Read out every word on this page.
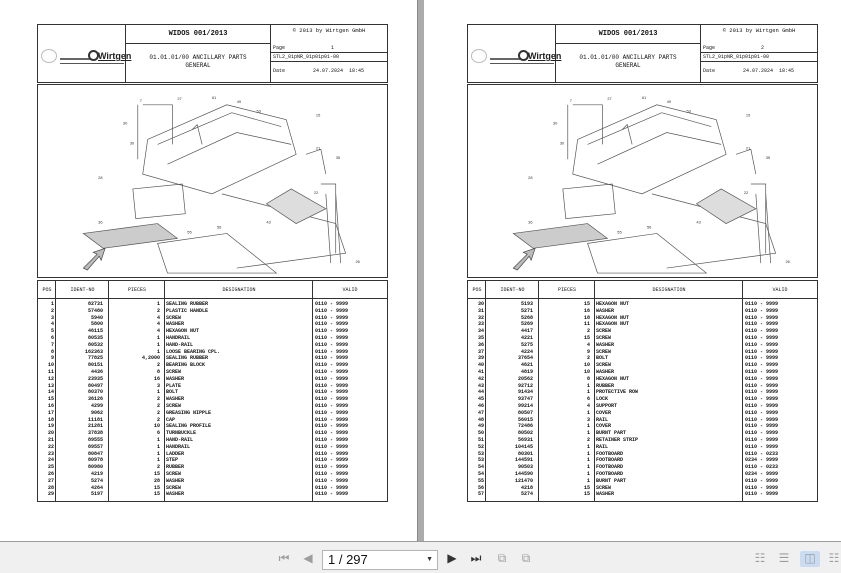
Wirtgen
WIDOS 001/2013	© 2013 by Wirtgen GmbH
01.01.01/00 ANCILLARY PARTS
GENERAL
Page	1
STL2_01pNR_01p01p01-00
Date	24.07.2024 18:45
7	27	61
49
53
15
30
30
28
21
35
22
36	43
26
55
56
POS	IDENT-NO	PIECES	DESIGNATION	VALID
1	82731	1 SEALING RUBBER	0110 - 9999
2	57480	2 PLASTIC HANDLE	0110 - 9999
3	5940	4 SCREW	0110 - 9999
4	5800	4 WASHER	0110 - 9999
5	46115	4 HEXAGON NUT	0110 - 9999
6	80535	1 HANDRAIL	0110 - 9999
7	80532	1 HAND-RAIL	0110 - 9999
8	162363	1 LOOSE BEARING CPL.	0110 - 9999
9	77825	4,2000 SEALING RUBBER	0110 - 9999
10	80151	2 BEARING BLOCK	0110 - 9999
11	4436	8 SCREW	0110 - 9999
12	23935	16 WASHER	0110 - 9999
13	80497	3 PLATE	0110 - 9999
14	80370	1 BOLT	0110 - 9999
15	36126	2 WASHER	0110 - 9999
16	4299	2 SCREW	0110 - 9999
17	9062	2 GREASING NIPPLE	0110 - 9999
18	11181	2 CAP	0110 - 9999
19	21281	10 SEALING PROFILE	0110 - 9999
20	37838	6 TURNBUCKLE	0110 - 9999
21	89555	1 HAND-RAIL	0110 - 9999
22	89557	1 HANDRAIL	0110 - 9999
23	80847	1 LADDER	0110 - 9999
24	80978	1 STEP	0110 - 9999
25	80980	2 RUBBER	0110 - 9999
26	4219	15 SCREW	0110 - 9999
27	5274	28 WASHER	0110 - 9999
28	4264	15 SCREW	0110 - 9999
29	5197	15 WASHER	0110 - 9999
Wirtgen
WIDOS 001/2013	© 2013 by Wirtgen GmbH
01.01.01/00 ANCILLARY PARTS
GENERAL
Page	2
STL2_01pNR_01p01p01-00
Date	24.07.2024 18:45
7	27	61
49
53
15
30
30
28
21
35
22
36	43
26
55
56
POS	IDENT-NO	PIECES	DESIGNATION	VALID
30	5193	15 HEXAGON NUT	0110 - 9999
31	5271	16 WASHER	0110 - 9999
32	5268	18 HEXAGON NUT	0110 - 9999
33	5269	11 HEXAGON NUT	0110 - 9999
34	4417	2 SCREW	0110 - 9999
35	4221	15 SCREW	0110 - 9999
36	5275	4 WASHER	0110 - 9999
37	4224	9 SCREW	0110 - 9999
39	37654	2 BOLT	0110 - 9999
40	4621	10 SCREW	0110 - 9999
41	4819	10 WASHER	0110 - 9999
42	20562	8 HEXAGON NUT	0110 - 9999
43	92712	1 RUBBER	0110 - 9999
44	91434	1 PROTECTIVE ROW	0110 - 9999
45	93747	6 LOCK	0110 - 9999
46	99214	4 SUPPORT	0110 - 9999
47	80507	1 COVER	0110 - 9999
48	56015	3 RAIL	0110 - 9999
49	72486	1 COVER	0110 - 9999
50	80502	1 BURNT PART	0110 - 9999
51	56931	2 RETAINER STRIP	0110 - 9999
52	104145	1 RAIL	0110 - 9999
53	80301	1 FOOTBOARD	0110 - 0233
53	144591	1 FOOTBOARD	0234 - 9999
54	90503	1 FOOTBOARD	0110 - 0233
54	144590	1 FOOTBOARD	0234 - 9999
55	121470	1 BURNT PART	0110 - 9999
56	4218	15 SCREW	0110 - 9999
57	5274	15 WASHER	0110 - 9999
⏮ ◀	1 / 297	▼ ▶ ⏭	⧉	⧉	☷ ☰	◫	☷
